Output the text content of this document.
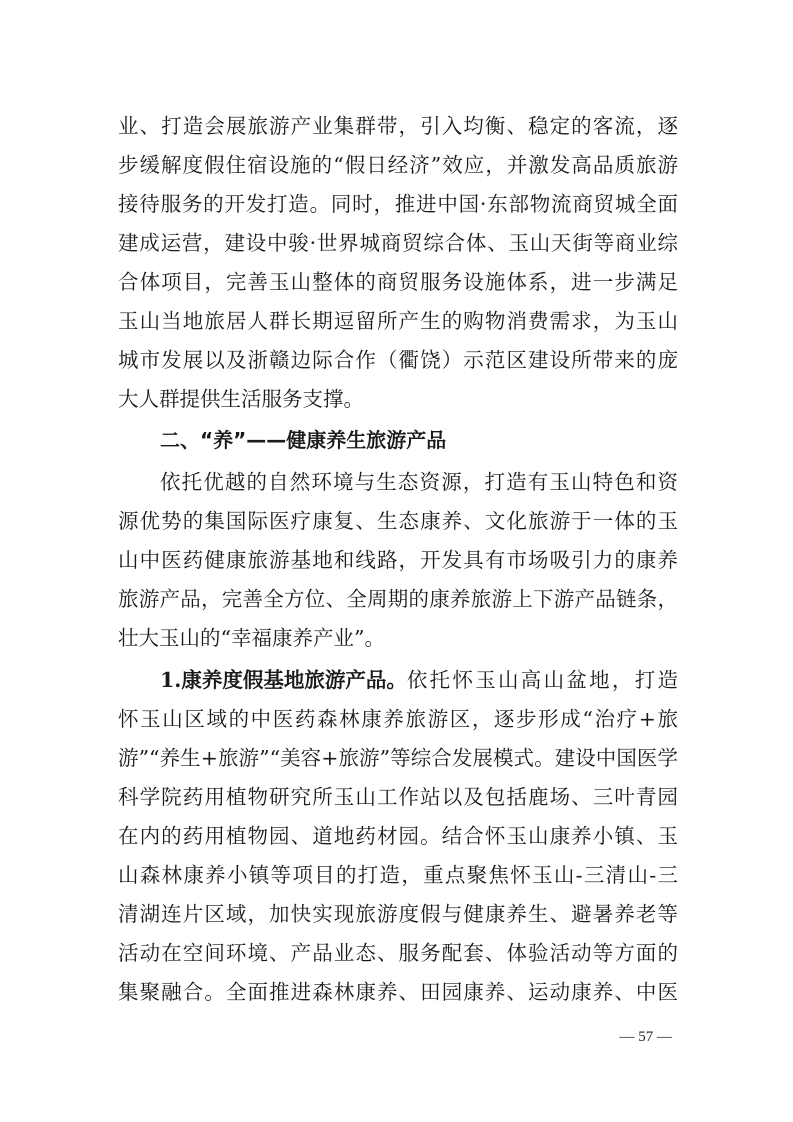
业、打造会展旅游产业集群带，引入均衡、稳定的客流，逐
步缓解度假住宿设施的“假日经济”效应，并激发高品质旅游
接待服务的开发打造。同时，推进中国·东部物流商贸城全面
建成运营，建设中骏·世界城商贸综合体、玉山天街等商业综
合体项目，完善玉山整体的商贸服务设施体系，进一步满足
玉山当地旅居人群长期逗留所产生的购物消费需求，为玉山
城市发展以及浙赣边际合作（衢饶）示范区建设所带来的庞
大人群提供生活服务支撑。
二、“养”——健康养生旅游产品
依托优越的自然环境与生态资源，打造有玉山特色和资
源优势的集国际医疗康复、生态康养、文化旅游于一体的玉
山中医药健康旅游基地和线路，开发具有市场吸引力的康养
旅游产品，完善全方位、全周期的康养旅游上下游产品链条，
壮大玉山的“幸福康养产业”。
1.康养度假基地旅游产品。 依托怀玉山高山盆地，打造
怀玉山区域的中医药森林康养旅游区，逐步形成“治疗+旅
游”“养生+旅游”“美容+旅游”等综合发展模式。建设中国医学
科学院药用植物研究所玉山工作站以及包括鹿场、三叶青园
在内的药用植物园、道地药材园。结合怀玉山康养小镇、玉
山森林康养小镇等项目的打造，重点聚焦怀玉山-三清山-三
清湖连片区域，加快实现旅游度假与健康养生、避暑养老等
活动在空间环境、产品业态、服务配套、体验活动等方面的
集聚融合。全面推进森林康养、田园康养、运动康养、中医
— 57 —
